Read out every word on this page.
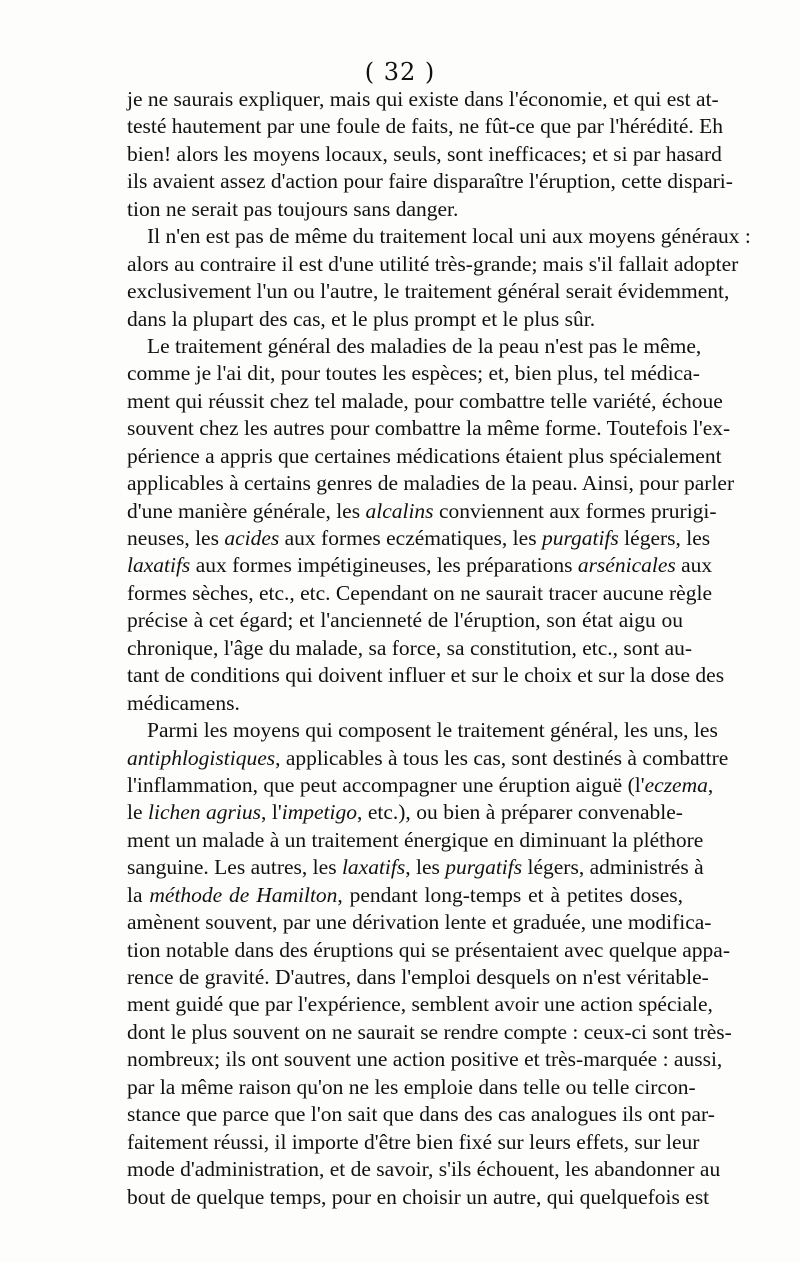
( 32 )
je ne saurais expliquer, mais qui existe dans l'économie, et qui est at-
testé hautement par une foule de faits, ne fût-ce que par l'hérédité. Eh
bien! alors les moyens locaux, seuls, sont inefficaces; et si par hasard
ils avaient assez d'action pour faire disparaître l'éruption, cette dispari-
tion ne serait pas toujours sans danger.
Il n'en est pas de même du traitement local uni aux moyens généraux :
alors au contraire il est d'une utilité très-grande; mais s'il fallait adopter
exclusivement l'un ou l'autre, le traitement général serait évidemment,
dans la plupart des cas, et le plus prompt et le plus sûr.
Le traitement général des maladies de la peau n'est pas le même,
comme je l'ai dit, pour toutes les espèces; et, bien plus, tel médica-
ment qui réussit chez tel malade, pour combattre telle variété, échoue
souvent chez les autres pour combattre la même forme. Toutefois l'ex-
périence a appris que certaines médications étaient plus spécialement
applicables à certains genres de maladies de la peau. Ainsi, pour parler
d'une manière générale, les alcalins conviennent aux formes prurigi-
neuses, les acides aux formes eczématiques, les purgatifs légers, les
laxatifs aux formes impétigineuses, les préparations arsénicales aux
formes sèches, etc., etc. Cependant on ne saurait tracer aucune règle
précise à cet égard; et l'ancienneté de l'éruption, son état aigu ou
chronique, l'âge du malade, sa force, sa constitution, etc., sont au-
tant de conditions qui doivent influer et sur le choix et sur la dose des
médicamens.
Parmi les moyens qui composent le traitement général, les uns, les
antiphlogistiques, applicables à tous les cas, sont destinés à combattre
l'inflammation, que peut accompagner une éruption aiguë (l'eczema,
le lichen agrius, l'impetigo, etc.), ou bien à préparer convenable-
ment un malade à un traitement énergique en diminuant la pléthore
sanguine. Les autres, les laxatifs, les purgatifs légers, administrés à
la méthode de Hamilton, pendant long-temps et à petites doses,
amènent souvent, par une dérivation lente et graduée, une modifica-
tion notable dans des éruptions qui se présentaient avec quelque appa-
rence de gravité. D'autres, dans l'emploi desquels on n'est véritable-
ment guidé que par l'expérience, semblent avoir une action spéciale,
dont le plus souvent on ne saurait se rendre compte : ceux-ci sont très-
nombreux; ils ont souvent une action positive et très-marquée : aussi,
par la même raison qu'on ne les emploie dans telle ou telle circon-
stance que parce que l'on sait que dans des cas analogues ils ont par-
faitement réussi, il importe d'être bien fixé sur leurs effets, sur leur
mode d'administration, et de savoir, s'ils échouent, les abandonner au
bout de quelque temps, pour en choisir un autre, qui quelquefois est
